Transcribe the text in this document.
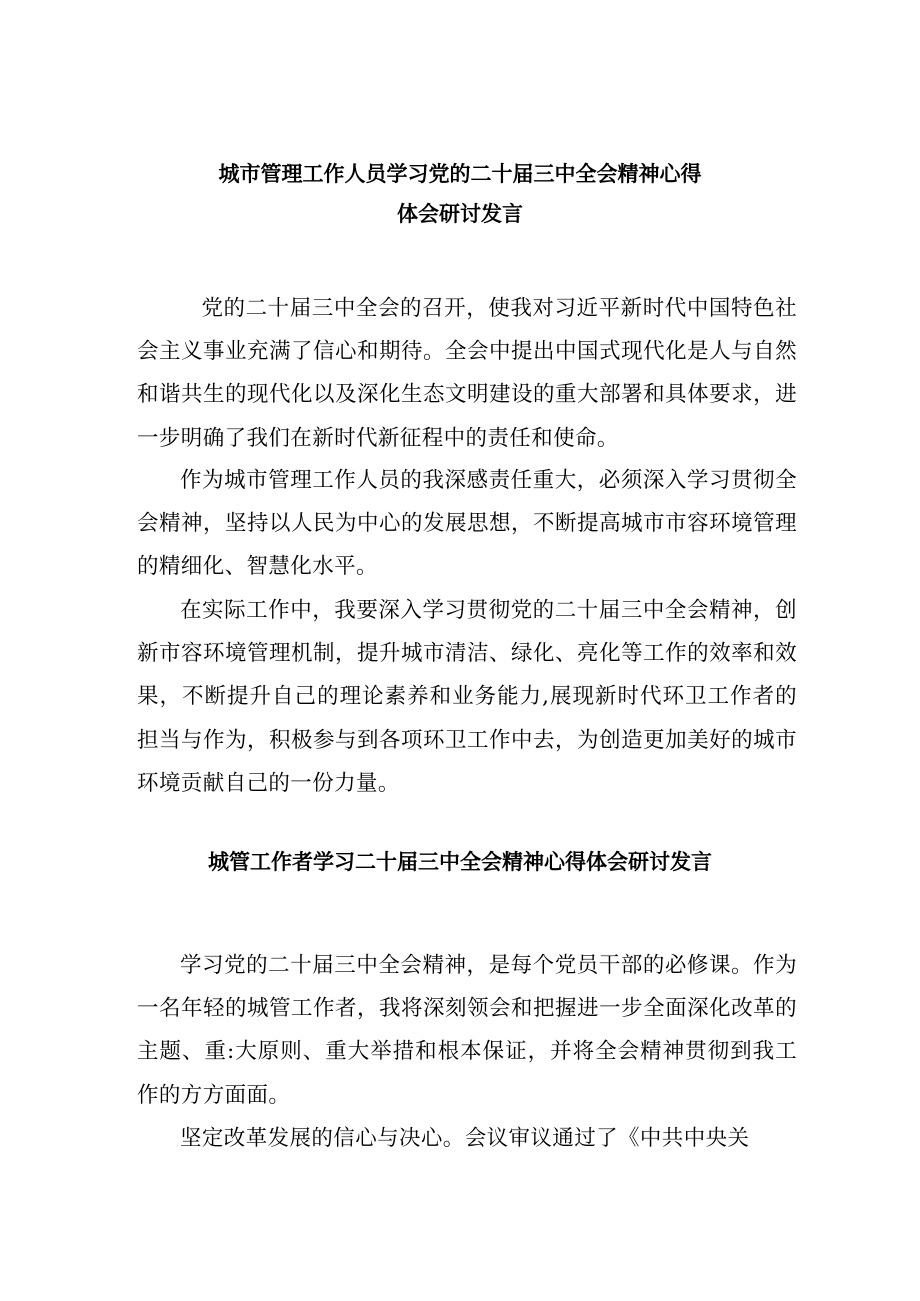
城市管理工作人员学习党的二十届三中全会精神心得
体会研讨发言

党的二十届三中全会的召开，使我对习近平新时代中国特色社会主义事业充满了信心和期待。全会中提出中国式现代化是人与自然和谐共生的现代化以及深化生态文明建设的重大部署和具体要求，进一步明确了我们在新时代新征程中的责任和使命。

作为城市管理工作人员的我深感责任重大，必须深入学习贯彻全会精神，坚持以人民为中心的发展思想，不断提高城市市容环境管理的精细化、智慧化水平。

在实际工作中，我要深入学习贯彻党的二十届三中全会精神，创新市容环境管理机制，提升城市清洁、绿化、亮化等工作的效率和效果，不断提升自己的理论素养和业务能力,展现新时代环卫工作者的担当与作为，积极参与到各项环卫工作中去，为创造更加美好的城市环境贡献自己的一份力量。

城管工作者学习二十届三中全会精神心得体会研讨发言

学习党的二十届三中全会精神，是每个党员干部的必修课。作为一名年轻的城管工作者，我将深刻领会和把握进一步全面深化改革的主题、重:大原则、重大举措和根本保证，并将全会精神贯彻到我工作的方方面面。

坚定改革发展的信心与决心。会议审议通过了《中共中央关
